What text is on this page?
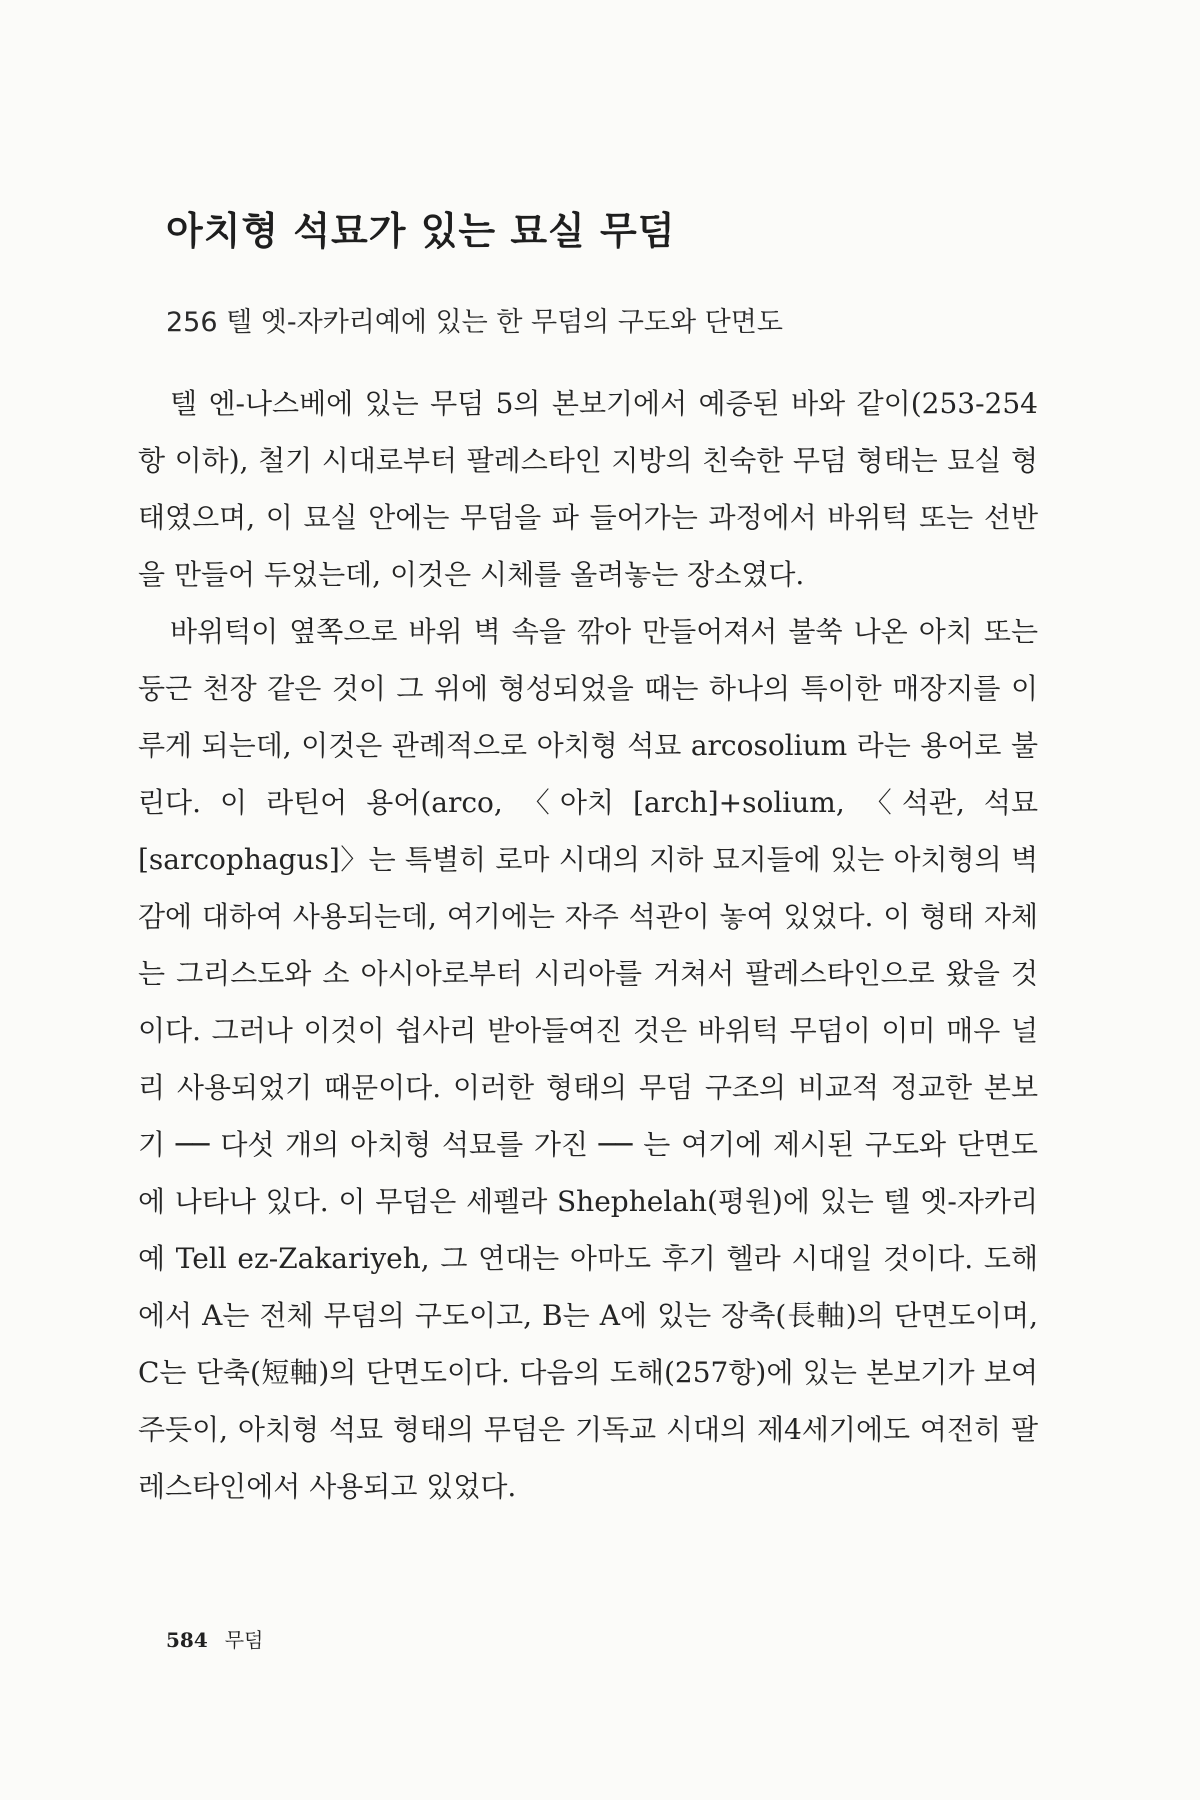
아치형 석묘가 있는 묘실 무덤

256 텔 엣-자카리예에 있는 한 무덤의 구도와 단면도

텔 엔-나스베에 있는 무덤 5의 본보기에서 예증된 바와 같이(253-254항 이하), 철기 시대로부터 팔레스타인 지방의 친숙한 무덤 형태는 묘실 형태였으며, 이 묘실 안에는 무덤을 파 들어가는 과정에서 바위턱 또는 선반을 만들어 두었는데, 이것은 시체를 올려놓는 장소였다.

바위턱이 옆쪽으로 바위 벽 속을 깎아 만들어져서 불쑥 나온 아치 또는 둥근 천장 같은 것이 그 위에 형성되었을 때는 하나의 특이한 매장지를 이루게 되는데, 이것은 관례적으로 아치형 석묘 arcosolium 라는 용어로 불린다. 이 라틴어 용어(arco, 〈아치 [arch]+solium, 〈석관, 석묘[sarcophagus]〉는 특별히 로마 시대의 지하 묘지들에 있는 아치형의 벽감에 대하여 사용되는데, 여기에는 자주 석관이 놓여 있었다. 이 형태 자체는 그리스도와 소 아시아로부터 시리아를 거쳐서 팔레스타인으로 왔을 것이다. 그러나 이것이 쉽사리 받아들여진 것은 바위턱 무덤이 이미 매우 널리 사용되었기 때문이다. 이러한 형태의 무덤 구조의 비교적 정교한 본보기 ── 다섯 개의 아치형 석묘를 가진 ── 는 여기에 제시된 구도와 단면도에 나타나 있다. 이 무덤은 세펠라 Shephelah(평원)에 있는 텔 엣-자카리예 Tell ez-Zakariyeh, 그 연대는 아마도 후기 헬라 시대일 것이다. 도해에서 A는 전체 무덤의 구도이고, B는 A에 있는 장축(長軸)의 단면도이며, C는 단축(短軸)의 단면도이다. 다음의 도해(257항)에 있는 본보기가 보여 주듯이, 아치형 석묘 형태의 무덤은 기독교 시대의 제4세기에도 여전히 팔레스타인에서 사용되고 있었다.

584 무덤
